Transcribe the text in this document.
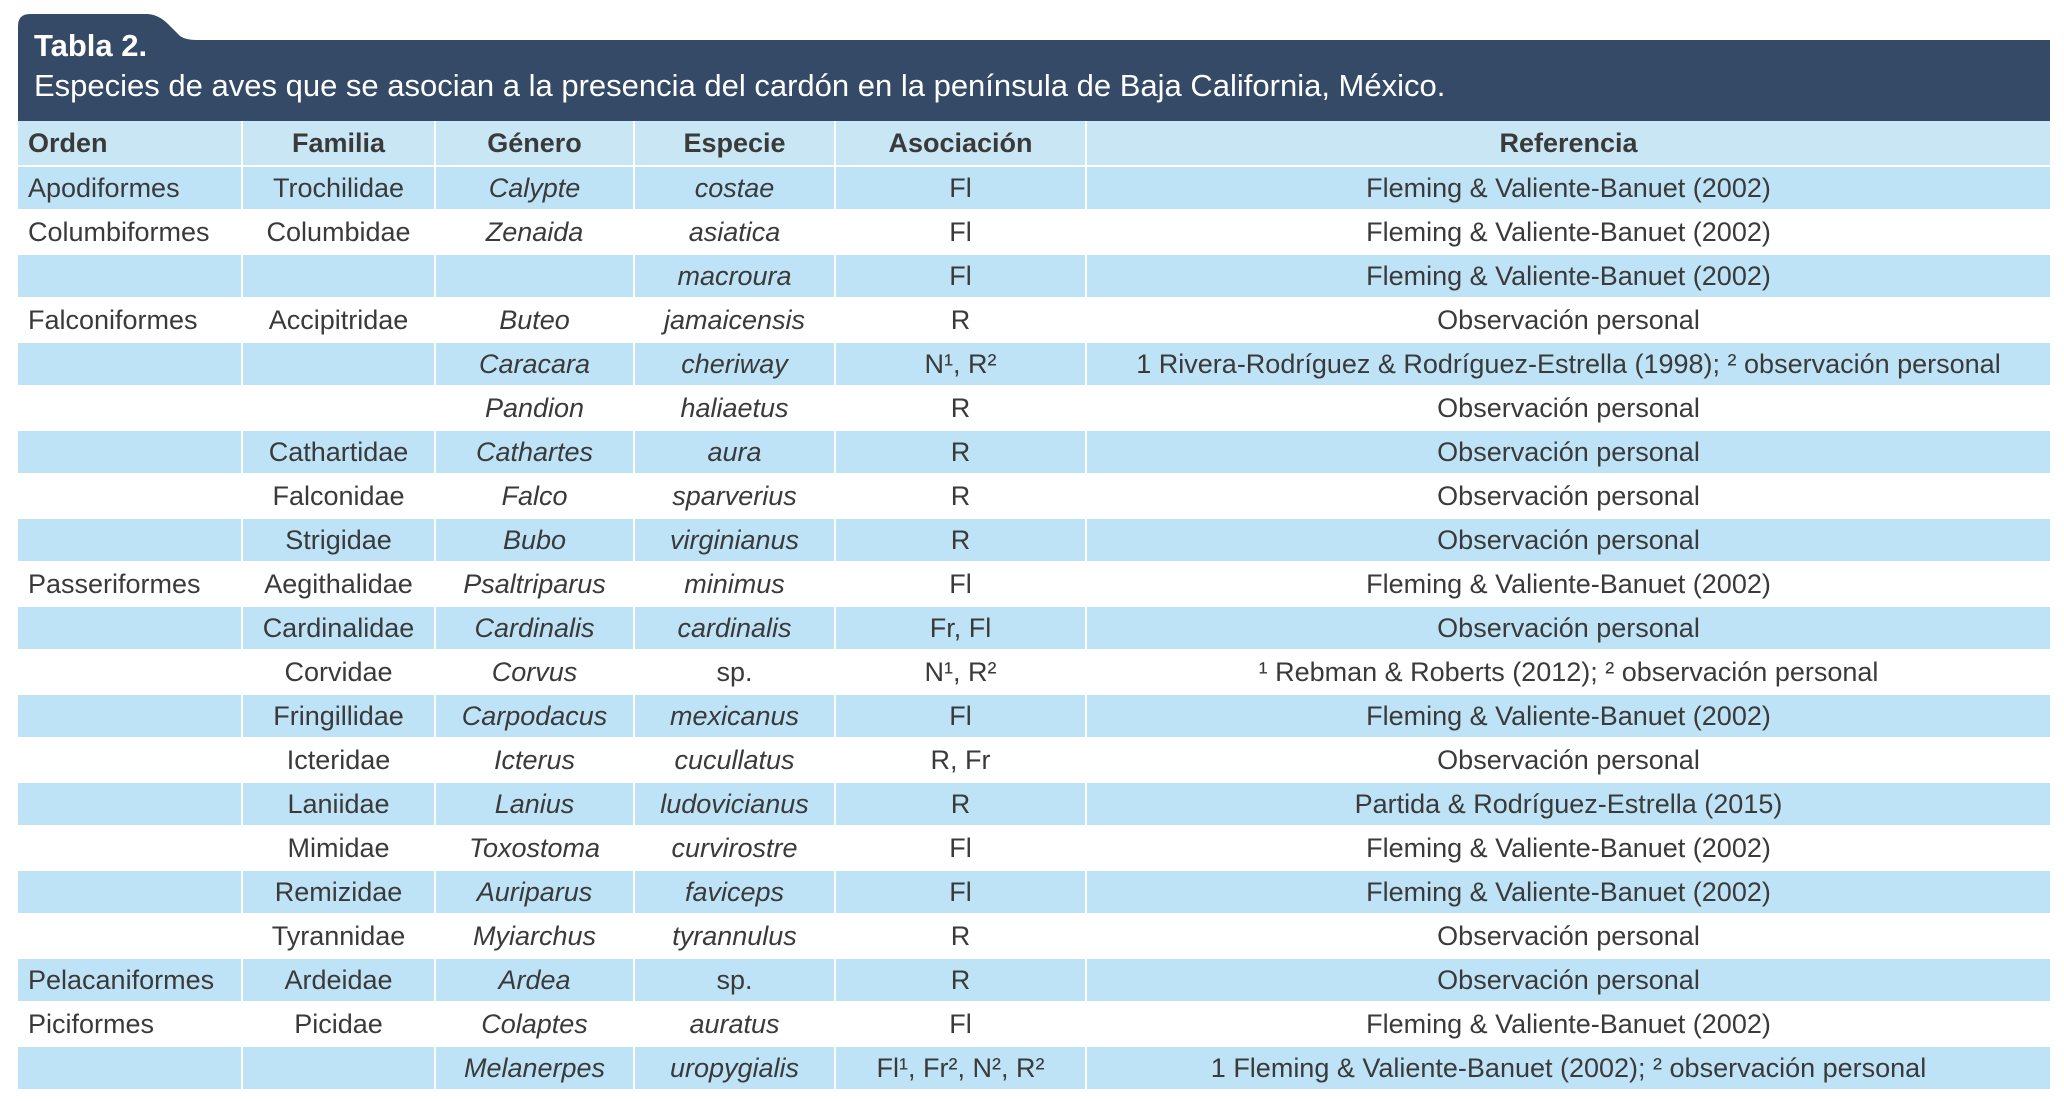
Tabla 2.
Especies de aves que se asocian a la presencia del cardón en la península de Baja California, México.
Orden	Familia	Género	Especie	Asociación	Referencia
Apodiformes	Trochilidae	Calypte	costae	Fl	Fleming & Valiente-Banuet (2002)
Columbiformes	Columbidae	Zenaida	asiatica	Fl	Fleming & Valiente-Banuet (2002)
			macroura	Fl	Fleming & Valiente-Banuet (2002)
Falconiformes	Accipitridae	Buteo	jamaicensis	R	Observación personal
		Caracara	cheriway	N¹, R²	1 Rivera-Rodríguez & Rodríguez-Estrella (1998); ² observación personal
		Pandion	haliaetus	R	Observación personal
	Cathartidae	Cathartes	aura	R	Observación personal
	Falconidae	Falco	sparverius	R	Observación personal
	Strigidae	Bubo	virginianus	R	Observación personal
Passeriformes	Aegithalidae	Psaltriparus	minimus	Fl	Fleming & Valiente-Banuet (2002)
	Cardinalidae	Cardinalis	cardinalis	Fr, Fl	Observación personal
	Corvidae	Corvus	sp.	N¹, R²	¹ Rebman & Roberts (2012); ² observación personal
	Fringillidae	Carpodacus	mexicanus	Fl	Fleming & Valiente-Banuet (2002)
	Icteridae	Icterus	cucullatus	R, Fr	Observación personal
	Laniidae	Lanius	ludovicianus	R	Partida & Rodríguez-Estrella (2015)
	Mimidae	Toxostoma	curvirostre	Fl	Fleming & Valiente-Banuet (2002)
	Remizidae	Auriparus	faviceps	Fl	Fleming & Valiente-Banuet (2002)
	Tyrannidae	Myiarchus	tyrannulus	R	Observación personal
Pelacaniformes	Ardeidae	Ardea	sp.	R	Observación personal
Piciformes	Picidae	Colaptes	auratus	Fl	Fleming & Valiente-Banuet (2002)
		Melanerpes	uropygialis	Fl¹, Fr², N², R²	1 Fleming & Valiente-Banuet (2002); ² observación personal
